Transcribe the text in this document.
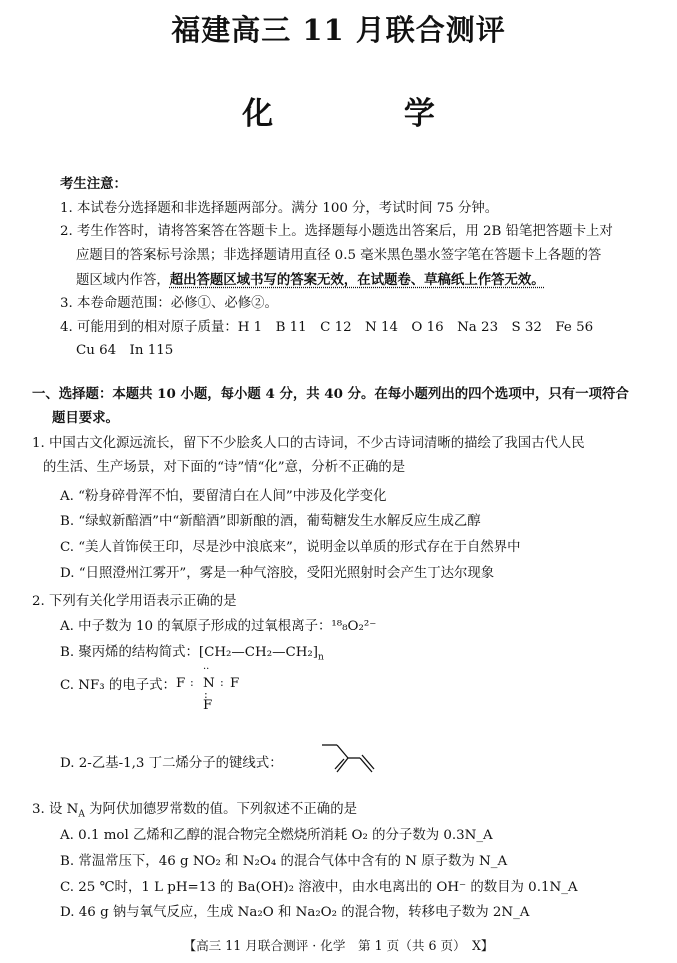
福建高三 11 月联合测评
化 学
考生注意：
1. 本试卷分选择题和非选择题两部分。满分 100 分，考试时间 75 分钟。
2. 考生作答时，请将答案答在答题卡上。选择题每小题选出答案后，用 2B 铅笔把答题卡上对
应题目的答案标号涂黑；非选择题请用直径 0.5 毫米黑色墨水签字笔在答题卡上各题的答
题区域内作答，超出答题区域书写的答案无效，在试题卷、草稿纸上作答无效。
3. 本卷命题范围：必修①、必修②。
4. 可能用到的相对原子质量：H 1　B 11　C 12　N 14　O 16　Na 23　S 32　Fe 56
Cu 64　In 115
一、选择题：本题共 10 小题，每小题 4 分，共 40 分。在每小题列出的四个选项中，只有一项符合
题目要求。
1. 中国古文化源远流长，留下不少脍炙人口的古诗词，不少古诗词清晰的描绘了我国古代人民
的生活、生产场景，对下面的“诗”情“化”意，分析不正确的是
A. “粉身碎骨浑不怕，要留清白在人间”中涉及化学变化
B. “绿蚁新醅酒”中“新醅酒”即新酿的酒，葡萄糖发生水解反应生成乙醇
C. “美人首饰侯王印，尽是沙中浪底来”，说明金以单质的形式存在于自然界中
D. “日照澄州江雾开”，雾是一种气溶胶，受阳光照射时会产生丁达尔现象
2. 下列有关化学用语表示正确的是
A. 中子数为 10 的氧原子形成的过氧根离子：¹⁸₈O₂²⁻
B. 聚丙烯的结构简式：$[CH_2—CH_2—CH_2]_n$
C. NF₃ 的电子式： F :
··
N : F
:
F
D. 2-乙基-1,3 丁二烯分子的键线式：
3. 设 $N_A$ 为阿伏加德罗常数的值。下列叙述不正确的是
A. 0.1 mol 乙烯和乙醇的混合物完全燃烧所消耗 O₂ 的分子数为 0.3N_A
B. 常温常压下，46 g NO₂ 和 N₂O₄ 的混合气体中含有的 N 原子数为 N_A
C. 25 ℃时，1 L pH=13 的 Ba(OH)₂ 溶液中，由水电离出的 OH⁻ 的数目为 0.1N_A
D. 46 g 钠与氧气反应，生成 Na₂O 和 Na₂O₂ 的混合物，转移电子数为 2N_A
【高三 11 月联合测评 · 化学　第 1 页（共 6 页）　X】
